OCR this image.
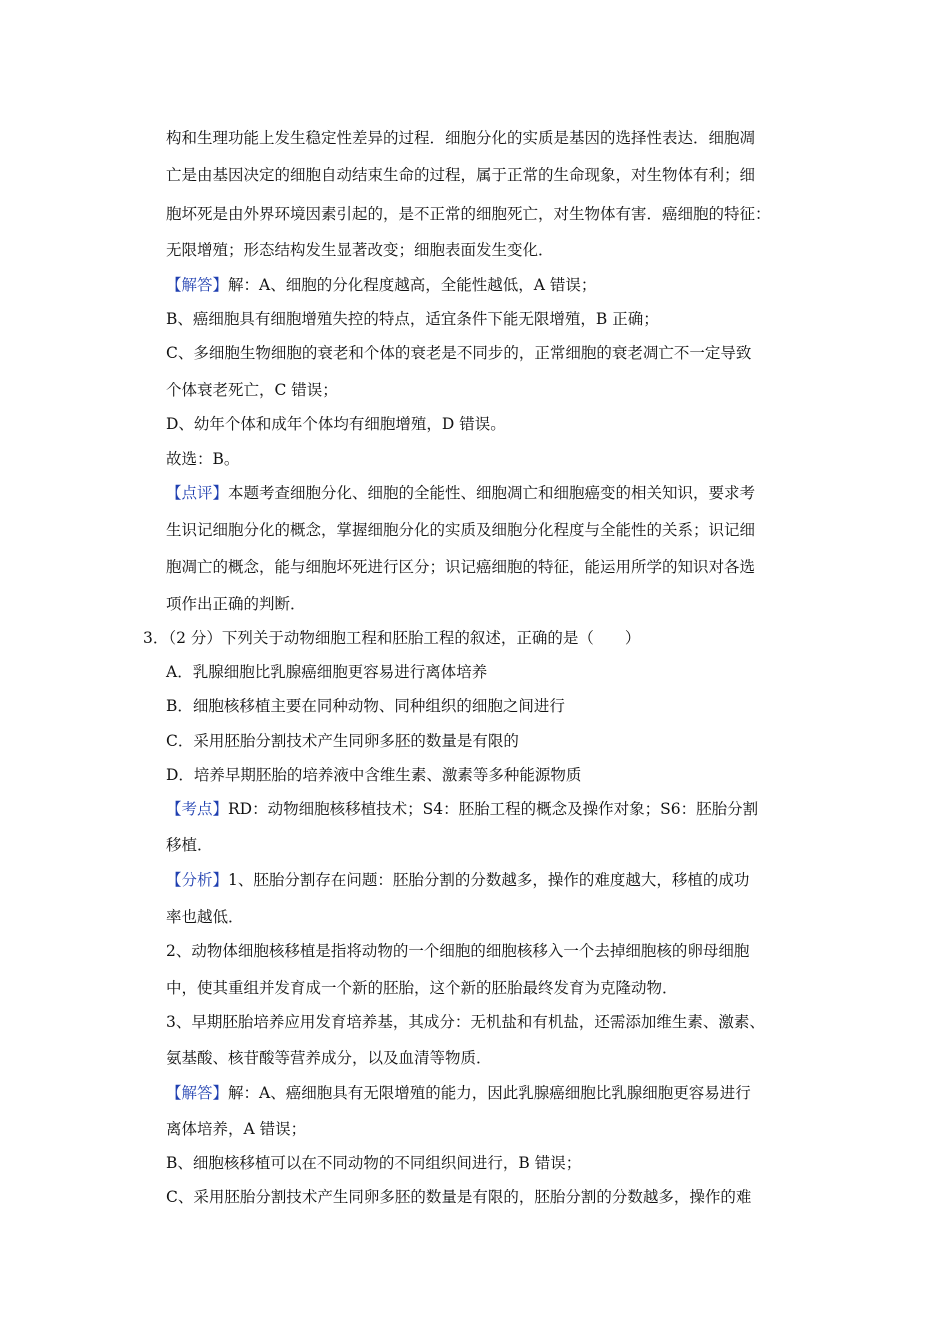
构和生理功能上发生稳定性差异的过程．细胞分化的实质是基因的选择性表达．细胞凋
亡是由基因决定的细胞自动结束生命的过程，属于正常的生命现象，对生物体有利；细
胞坏死是由外界环境因素引起的，是不正常的细胞死亡，对生物体有害．癌细胞的特征：
无限增殖；形态结构发生显著改变；细胞表面发生变化．
【解答】解：A、细胞的分化程度越高，全能性越低，A 错误；
B、癌细胞具有细胞增殖失控的特点，适宜条件下能无限增殖，B 正确；
C、多细胞生物细胞的衰老和个体的衰老是不同步的，正常细胞的衰老凋亡不一定导致
个体衰老死亡，C 错误；
D、幼年个体和成年个体均有细胞增殖，D 错误。
故选：B。
【点评】本题考查细胞分化、细胞的全能性、细胞凋亡和细胞癌变的相关知识，要求考
生识记细胞分化的概念，掌握细胞分化的实质及细胞分化程度与全能性的关系；识记细
胞凋亡的概念，能与细胞坏死进行区分；识记癌细胞的特征，能运用所学的知识对各选
项作出正确的判断．
3．（2 分）下列关于动物细胞工程和胚胎工程的叙述，正确的是（　　）
A．乳腺细胞比乳腺癌细胞更容易进行离体培养
B．细胞核移植主要在同种动物、同种组织的细胞之间进行
C．采用胚胎分割技术产生同卵多胚的数量是有限的
D．培养早期胚胎的培养液中含维生素、激素等多种能源物质
【考点】RD：动物细胞核移植技术；S4：胚胎工程的概念及操作对象；S6：胚胎分割
移植．
【分析】1、胚胎分割存在问题：胚胎分割的分数越多，操作的难度越大，移植的成功
率也越低．
2、动物体细胞核移植是指将动物的一个细胞的细胞核移入一个去掉细胞核的卵母细胞
中，使其重组并发育成一个新的胚胎，这个新的胚胎最终发育为克隆动物．
3、早期胚胎培养应用发育培养基，其成分：无机盐和有机盐，还需添加维生素、激素、
氨基酸、核苷酸等营养成分，以及血清等物质．
【解答】解：A、癌细胞具有无限增殖的能力，因此乳腺癌细胞比乳腺细胞更容易进行
离体培养，A 错误；
B、细胞核移植可以在不同动物的不同组织间进行，B 错误；
C、采用胚胎分割技术产生同卵多胚的数量是有限的，胚胎分割的分数越多，操作的难
